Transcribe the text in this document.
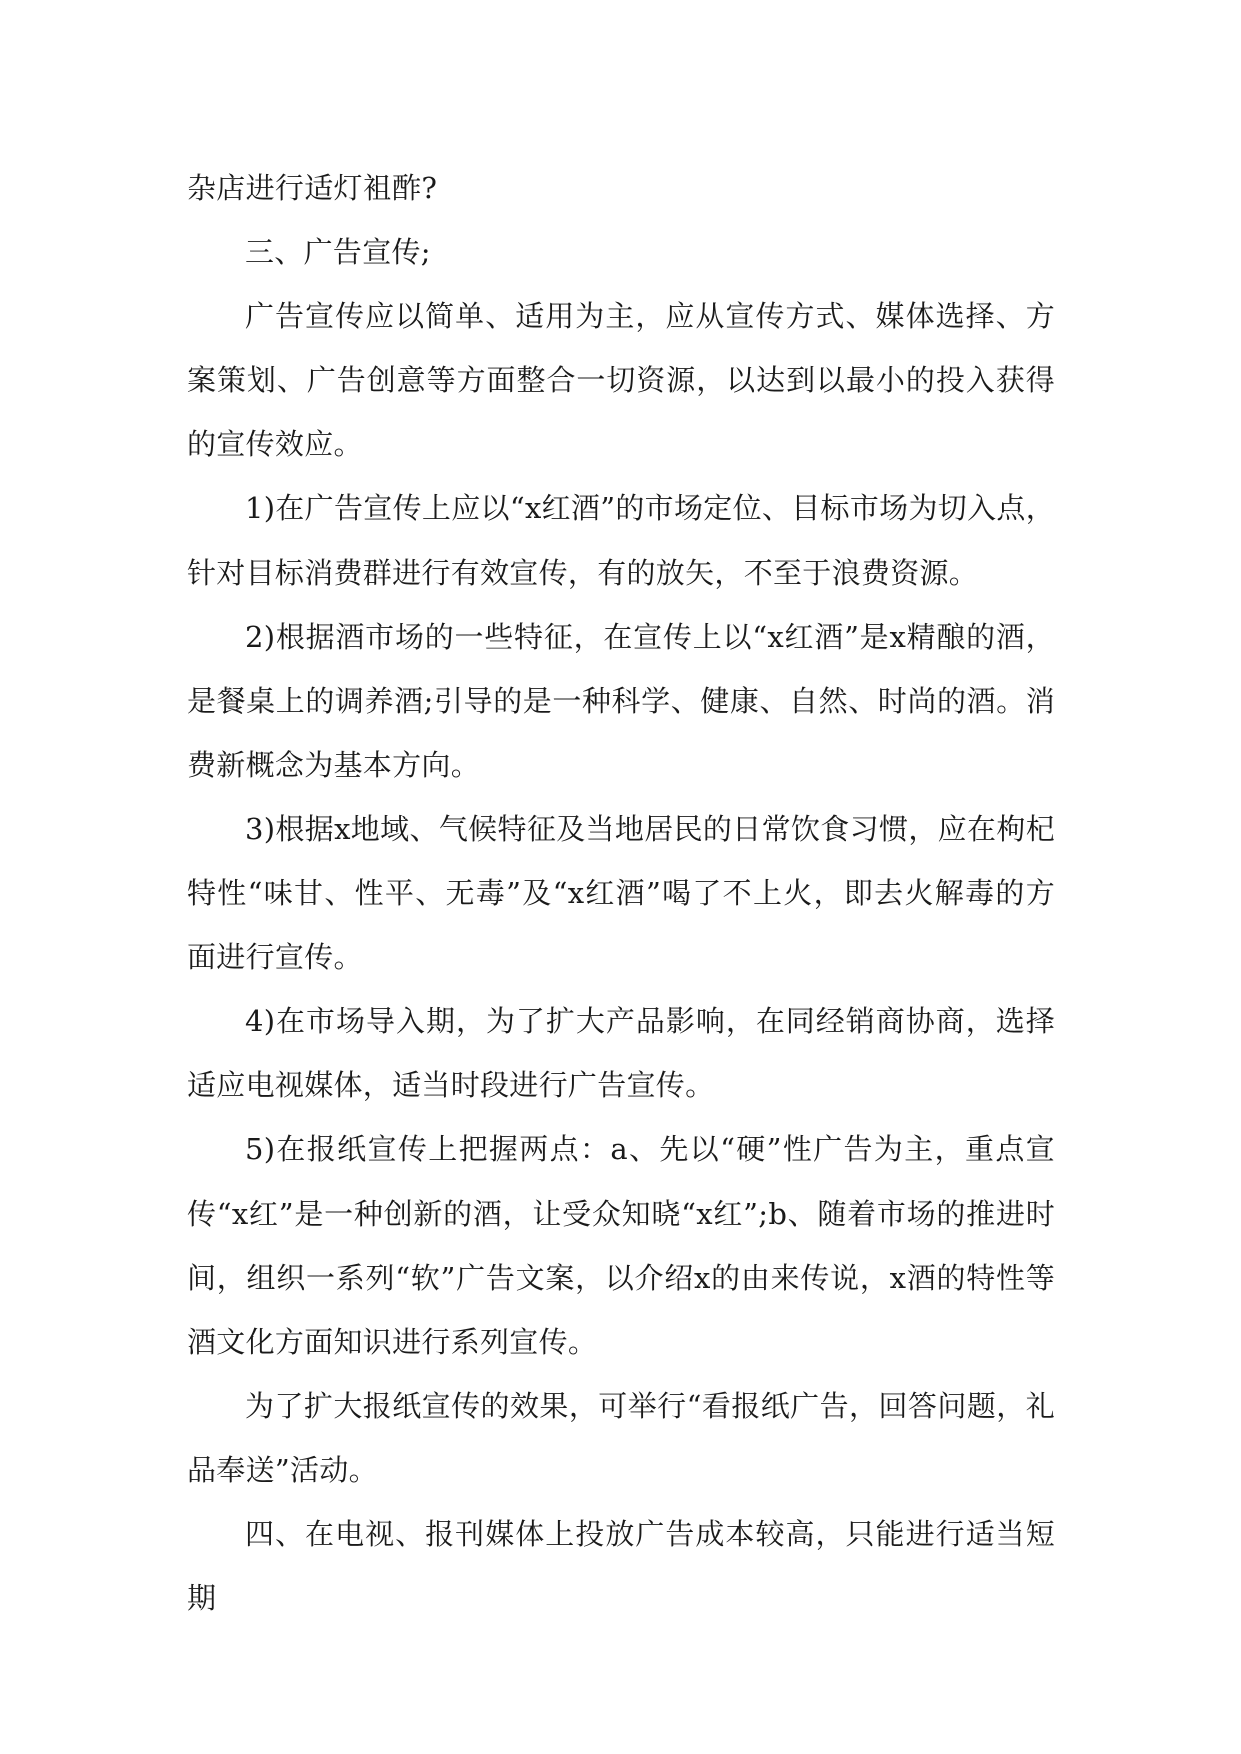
杂店进行适灯袓酢?

三、广告宣传;

广告宣传应以简单、适用为主，应从宣传方式、媒体选择、方案策划、广告创意等方面整合一切资源，以达到以最小的投入获得的宣传效应。

1)在广告宣传上应以“x红酒”的市场定位、目标市场为切入点，针对目标消费群进行有效宣传，有的放矢，不至于浪费资源。

2)根据酒市场的一些特征，在宣传上以“x红酒”是x精酿的酒，是餐桌上的调养酒;引导的是一种科学、健康、自然、时尚的酒。消费新概念为基本方向。

3)根据x地域、气候特征及当地居民的日常饮食习惯，应在枸杞特性“味甘、性平、无毒”及“x红酒”喝了不上火，即去火解毒的方面进行宣传。

4)在市场导入期，为了扩大产品影响，在同经销商协商，选择适应电视媒体，适当时段进行广告宣传。

5)在报纸宣传上把握两点：a、先以“硬”性广告为主，重点宣传“x红”是一种创新的酒，让受众知晓“x红”;b、随着市场的推进时间，组织一系列“软”广告文案，以介绍x的由来传说，x酒的特性等酒文化方面知识进行系列宣传。

为了扩大报纸宣传的效果，可举行“看报纸广告，回答问题，礼品奉送”活动。

四、在电视、报刊媒体上投放广告成本较高，只能进行适当短期
